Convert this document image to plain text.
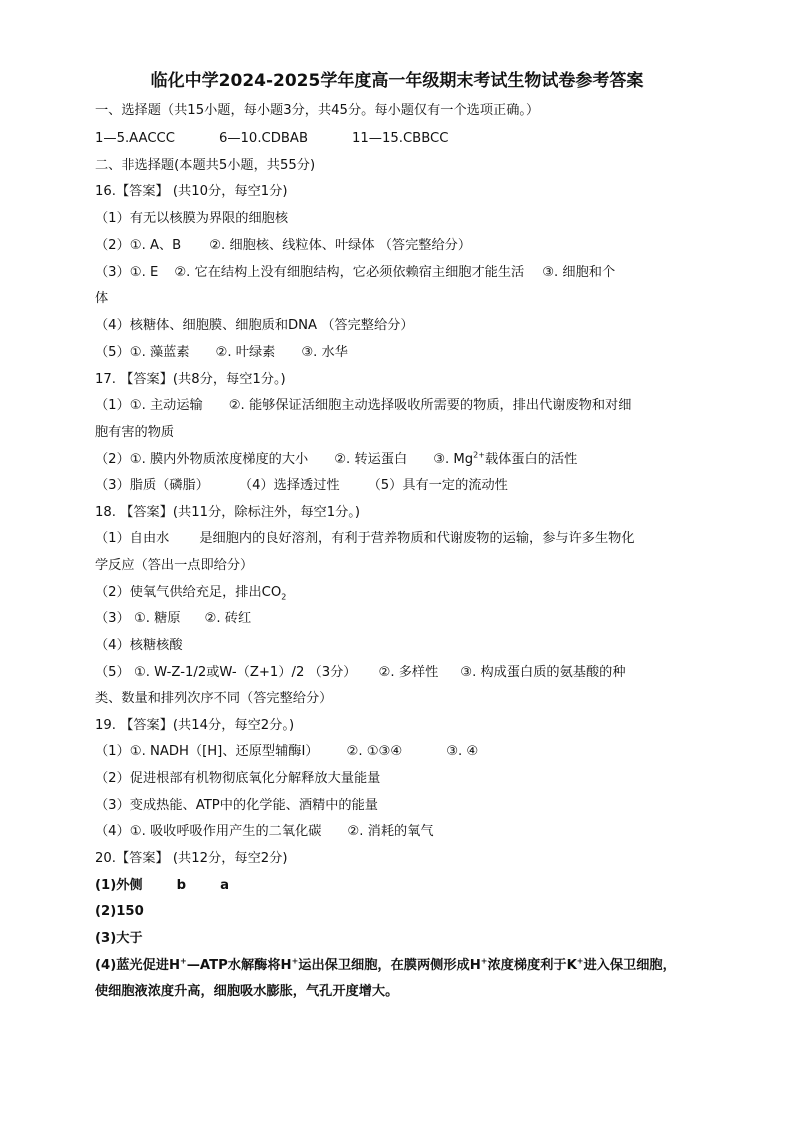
临化中学2024-2025学年度高一年级期末考试生物试卷参考答案
一、选择题（共15小题，每小题3分，共45分。每小题仅有一个选项正确。）
1—5.AACCC	6—10.CDBAB	11—15.CBBCC
二、非选择题(本题共5小题，共55分)
16.【答案】 (共10分，每空1分)
（1）有无以核膜为界限的细胞核
（2）①. A、B ②. 细胞核、线粒体、叶绿体 （答完整给分）
（3）①. E ②. 它在结构上没有细胞结构，它必须依赖宿主细胞才能生活 ③. 细胞和个
体
（4）核糖体、细胞膜、细胞质和DNA （答完整给分）
（5）①. 藻蓝素 ②. 叶绿素 ③. 水华
17. 【答案】(共8分，每空1分。)
（1）①. 主动运输 ②. 能够保证活细胞主动选择吸收所需要的物质，排出代谢废物和对细
胞有害的物质
（2）①. 膜内外物质浓度梯度的大小 ②. 转运蛋白 ③. $Mg^{2+}$载体蛋白的活性
（3）脂质（磷脂） （4）选择透过性 （5）具有一定的流动性
18. 【答案】(共11分，除标注外，每空1分。)
（1）自由水 是细胞内的良好溶剂，有利于营养物质和代谢废物的运输，参与许多生物化
学反应（答出一点即给分）
（2）使氧气供给充足，排出$CO_2$
（3） ①. 糖原 ②. 砖红
（4）核糖核酸
（5） ①. W-Z-1/2或W-（Z+1）/2 （3分） ②. 多样性 ③. 构成蛋白质的氨基酸的种
类、数量和排列次序不同（答完整给分）
19. 【答案】(共14分，每空2分。)
（1）①. NADH（[H]、还原型辅酶Ⅰ） ②. ①③④	③. ④
（2）促进根部有机物彻底氧化分解释放大量能量
（3）变成热能、ATP中的化学能、酒精中的能量
（4）①. 吸收呼吸作用产生的二氧化碳 ②. 消耗的氧气
20.【答案】 (共12分，每空2分)
(1)外侧	b	a
(2)150
(3)大于
(4)蓝光促进H+—ATP水解酶将H+运出保卫细胞，在膜两侧形成H+浓度梯度利于K+进入保卫细胞，
使细胞液浓度升高，细胞吸水膨胀，气孔开度增大。
